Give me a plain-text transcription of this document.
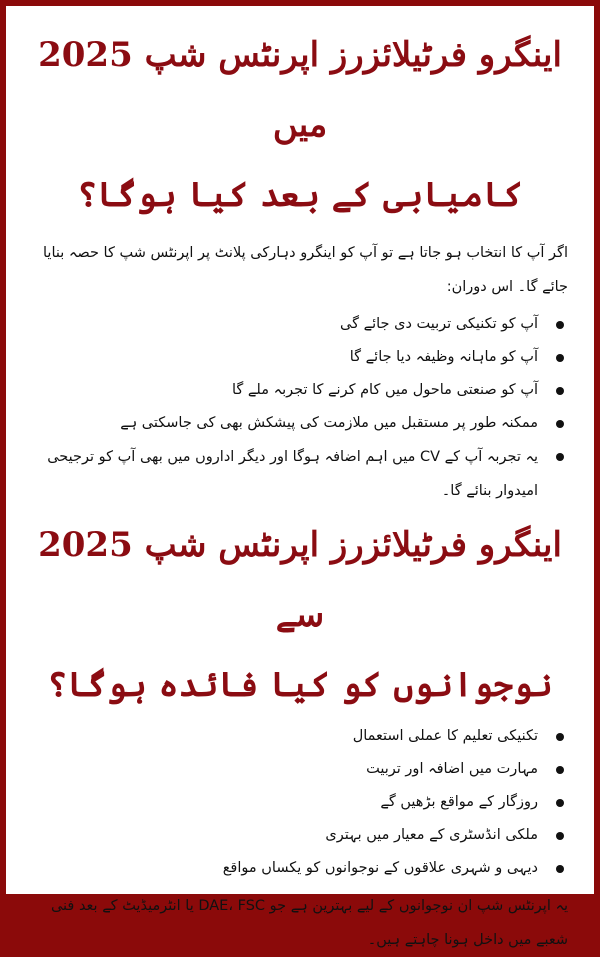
اینگرو فرٹیلائزرز اپرنٹس شپ 2025 میں
کامیابی کے بعد کیا ہوگا؟

اگر آپ کا انتخاب ہو جاتا ہے تو آپ کو اینگرو دہارکی پلانٹ پر اپرنٹس شپ کا حصہ بنایا جائے گا۔ اس دوران:

آپ کو تکنیکی تربیت دی جائے گی
آپ کو ماہانہ وظیفہ دیا جائے گا
آپ کو صنعتی ماحول میں کام کرنے کا تجربہ ملے گا
ممکنہ طور پر مستقبل میں ملازمت کی پیشکش بھی کی جاسکتی ہے
یہ تجربہ آپ کے CV میں اہم اضافہ ہوگا اور دیگر اداروں میں بھی آپ کو ترجیحی امیدوار بنائے گا۔
اینگرو فرٹیلائزرز اپرنٹس شپ 2025 سے
نوجوانوں کو کیا فائدہ ہوگا؟
تکنیکی تعلیم کا عملی استعمال
مہارت میں اضافہ اور تربیت
روزگار کے مواقع بڑھیں گے
ملکی انڈسٹری کے معیار میں بہتری
دیہی و شہری علاقوں کے نوجوانوں کو یکساں مواقع

یہ اپرنٹس شپ ان نوجوانوں کے لیے بہترین ہے جو DAE، FSC یا انٹرمیڈیٹ کے بعد فنی شعبے میں داخل ہونا چاہتے ہیں۔
